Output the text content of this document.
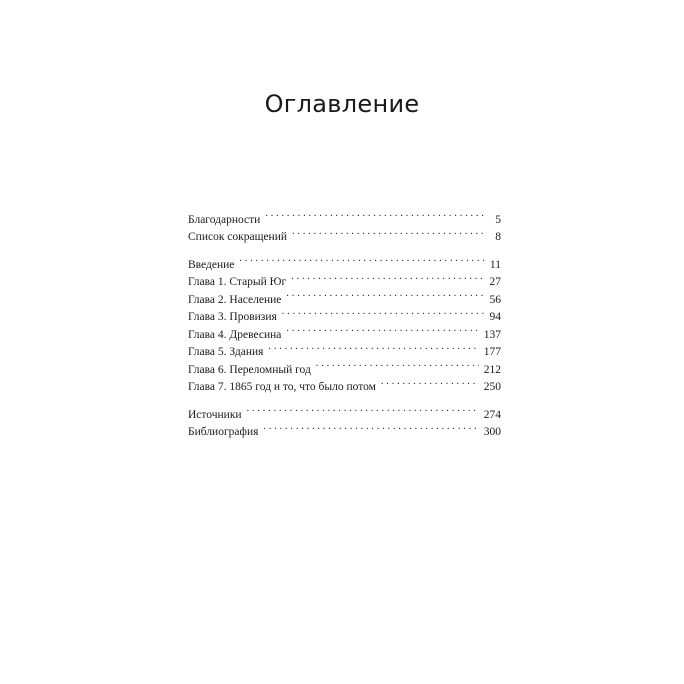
Оглавление
Благодарности . . .	5
Список сокращений . . .	8
Введение . . .	11
Глава 1. Старый Юг . . .	27
Глава 2. Население . . .	56
Глава 3. Провизия . . .	94
Глава 4. Древесина . . .	137
Глава 5. Здания . . .	177
Глава 6. Переломный год . . .	212
Глава 7. 1865 год и то, что было потом . . .	250
Источники . . .	274
Библиография . . .	300
